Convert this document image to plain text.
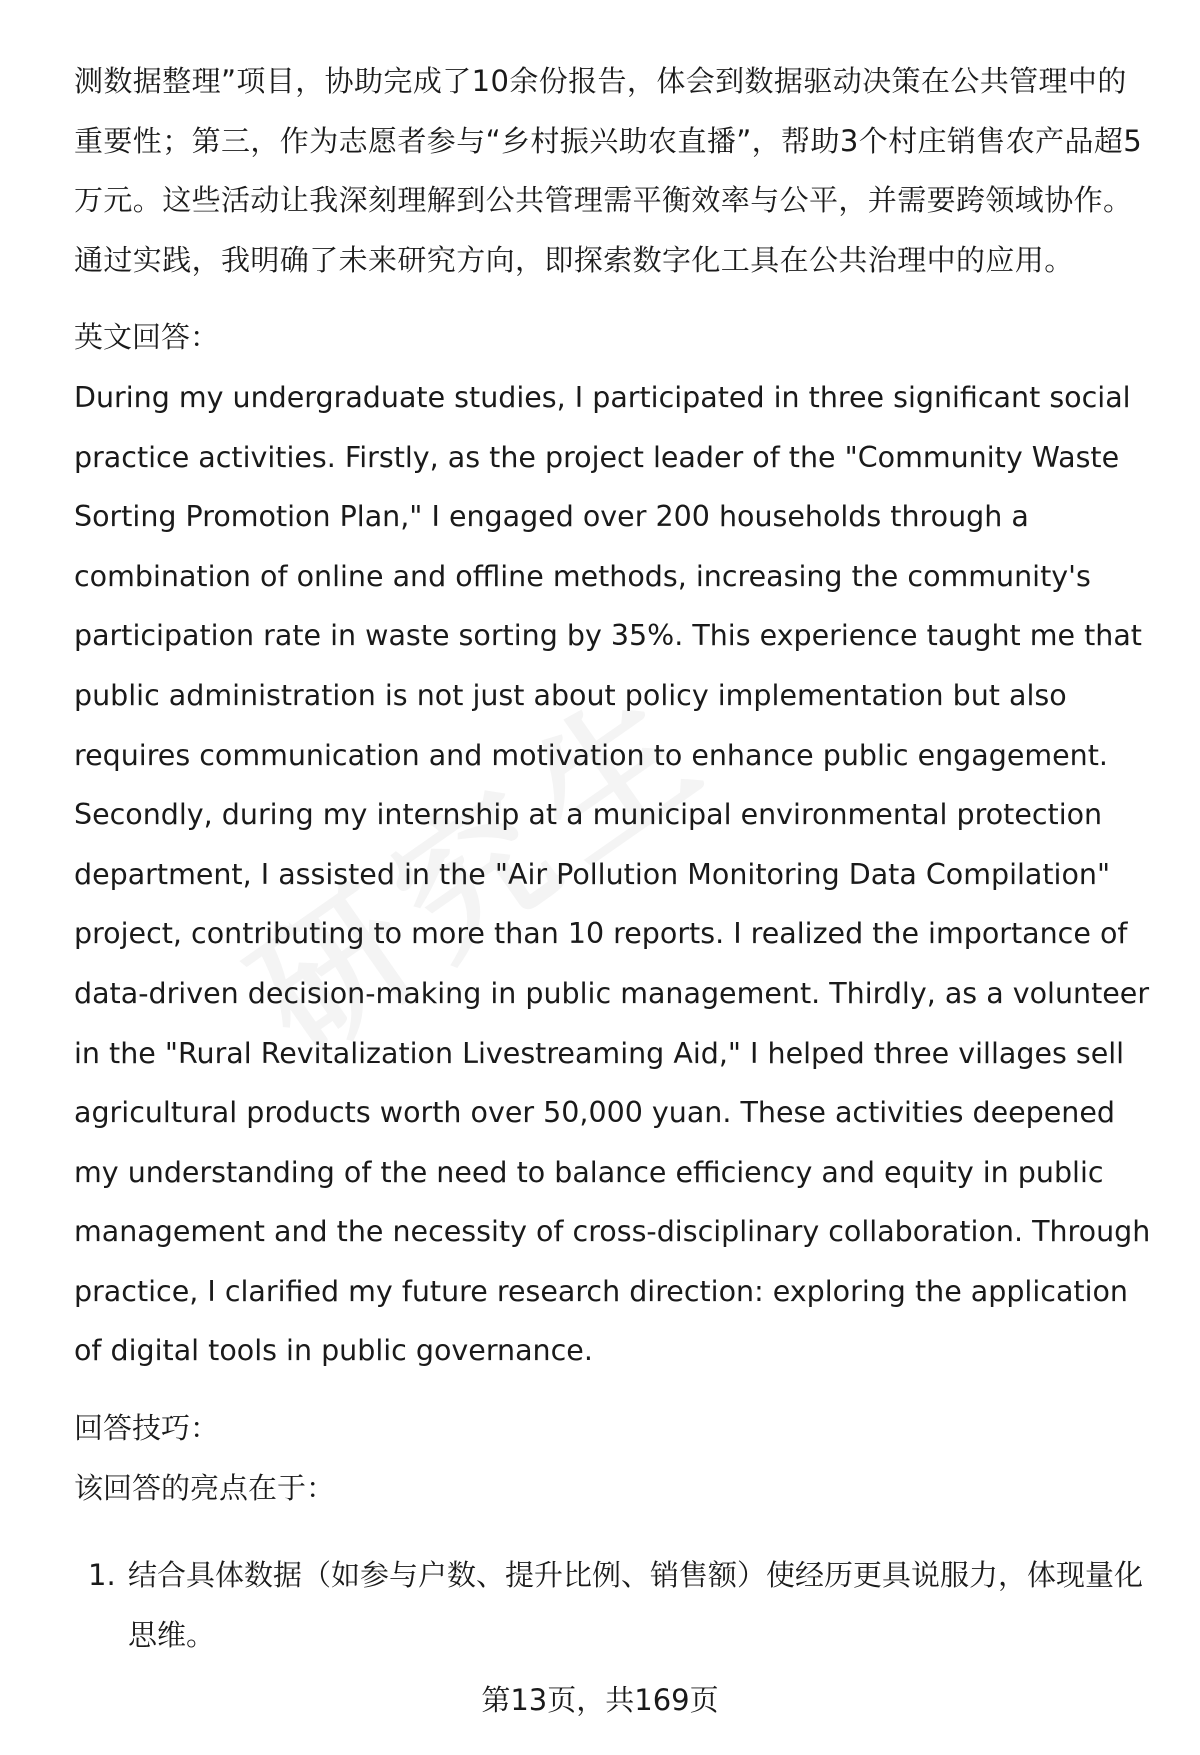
测数据整理”项目，协助完成了10余份报告，体会到数据驱动决策在公共管理中的重要性；第三，作为志愿者参与“乡村振兴助农直播”，帮助3个村庄销售农产品超5万元。这些活动让我深刻理解到公共管理需平衡效率与公平，并需要跨领域协作。通过实践，我明确了未来研究方向，即探索数字化工具在公共治理中的应用。

英文回答：

During my undergraduate studies, I participated in three significant social practice activities. Firstly, as the project leader of the "Community Waste Sorting Promotion Plan," I engaged over 200 households through a combination of online and offline methods, increasing the community's participation rate in waste sorting by 35%. This experience taught me that public administration is not just about policy implementation but also requires communication and motivation to enhance public engagement. Secondly, during my internship at a municipal environmental protection department, I assisted in the "Air Pollution Monitoring Data Compilation" project, contributing to more than 10 reports. I realized the importance of data-driven decision-making in public management. Thirdly, as a volunteer in the "Rural Revitalization Livestreaming Aid," I helped three villages sell agricultural products worth over 50,000 yuan. These activities deepened my understanding of the need to balance efficiency and equity in public management and the necessity of cross-disciplinary collaboration. Through practice, I clarified my future research direction: exploring the application of digital tools in public governance.

回答技巧：

该回答的亮点在于：

1. 结合具体数据（如参与户数、提升比例、销售额）使经历更具说服力，体现量化思维。
第13页，共169页
